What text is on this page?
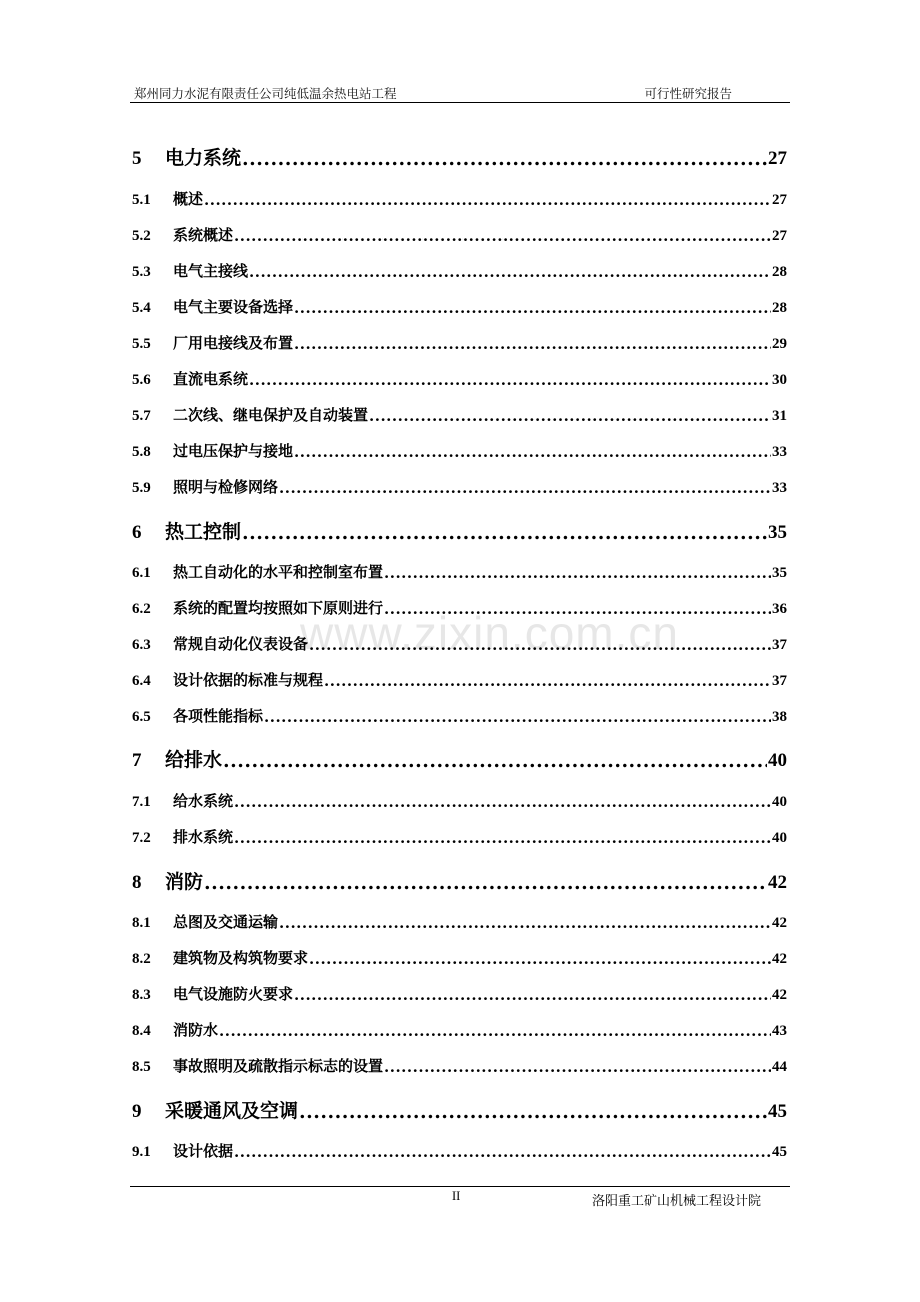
郑州同力水泥有限责任公司纯低温余热电站工程	可行性研究报告
www.zixin.com.cn
5	电力系统 .....	27
5.1	概述 .....	27
5.2	系统概述 .....	27
5.3	电气主接线 .....	28
5.4	电气主要设备选择 .....	28
5.5	厂用电接线及布置 .....	29
5.6	直流电系统 .....	30
5.7	二次线、继电保护及自动装置 .....	31
5.8	过电压保护与接地 .....	33
5.9	照明与检修网络 .....	33
6	热工控制 .....	35
6.1	热工自动化的水平和控制室布置 .....	35
6.2	系统的配置均按照如下原则进行 .....	36
6.3	常规自动化仪表设备 .....	37
6.4	设计依据的标准与规程 .....	37
6.5	各项性能指标 .....	38
7	给排水 .....	40
7.1	给水系统 .....	40
7.2	排水系统 .....	40
8	消防 .....	42
8.1	总图及交通运输 .....	42
8.2	建筑物及构筑物要求 .....	42
8.3	电气设施防火要求 .....	42
8.4	消防水 .....	43
8.5	事故照明及疏散指示标志的设置 .....	44
9	采暖通风及空调 .....	45
9.1	设计依据 .....	45
II	洛阳重工矿山机械工程设计院
